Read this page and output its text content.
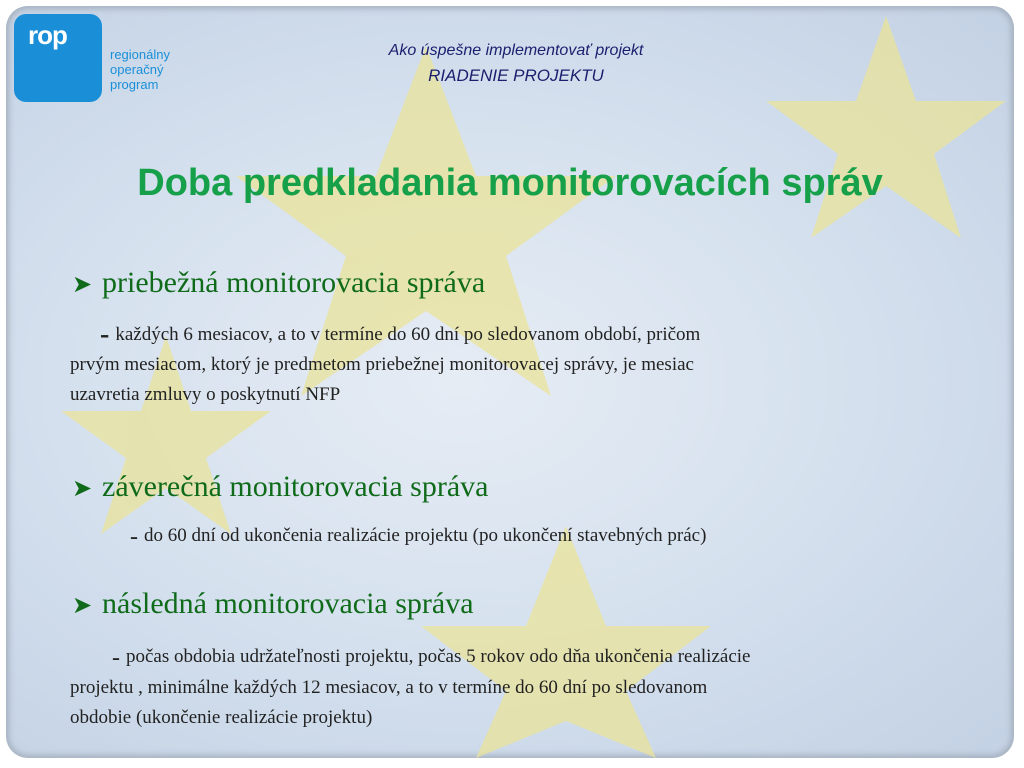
rop
regionálny
operačný
program
Ako úspešne implementovať projekt
RIADENIE PROJEKTU
Doba predkladania monitorovacích správ
➤ priebežná monitorovacia správa
- každých 6 mesiacov, a to v termíne do 60 dní po sledovanom období, pričom
prvým mesiacom, ktorý je predmetom priebežnej monitorovacej správy, je mesiac
uzavretia zmluvy o poskytnutí NFP
➤ záverečná monitorovacia správa
- do 60 dní od ukončenia realizácie projektu (po ukončení stavebných prác)
➤ následná monitorovacia správa
- počas obdobia udržateľnosti projektu, počas 5 rokov odo dňa ukončenia realizácie
projektu , minimálne každých 12 mesiacov, a to v termíne do 60 dní po sledovanom
obdobie (ukončenie realizácie projektu)
